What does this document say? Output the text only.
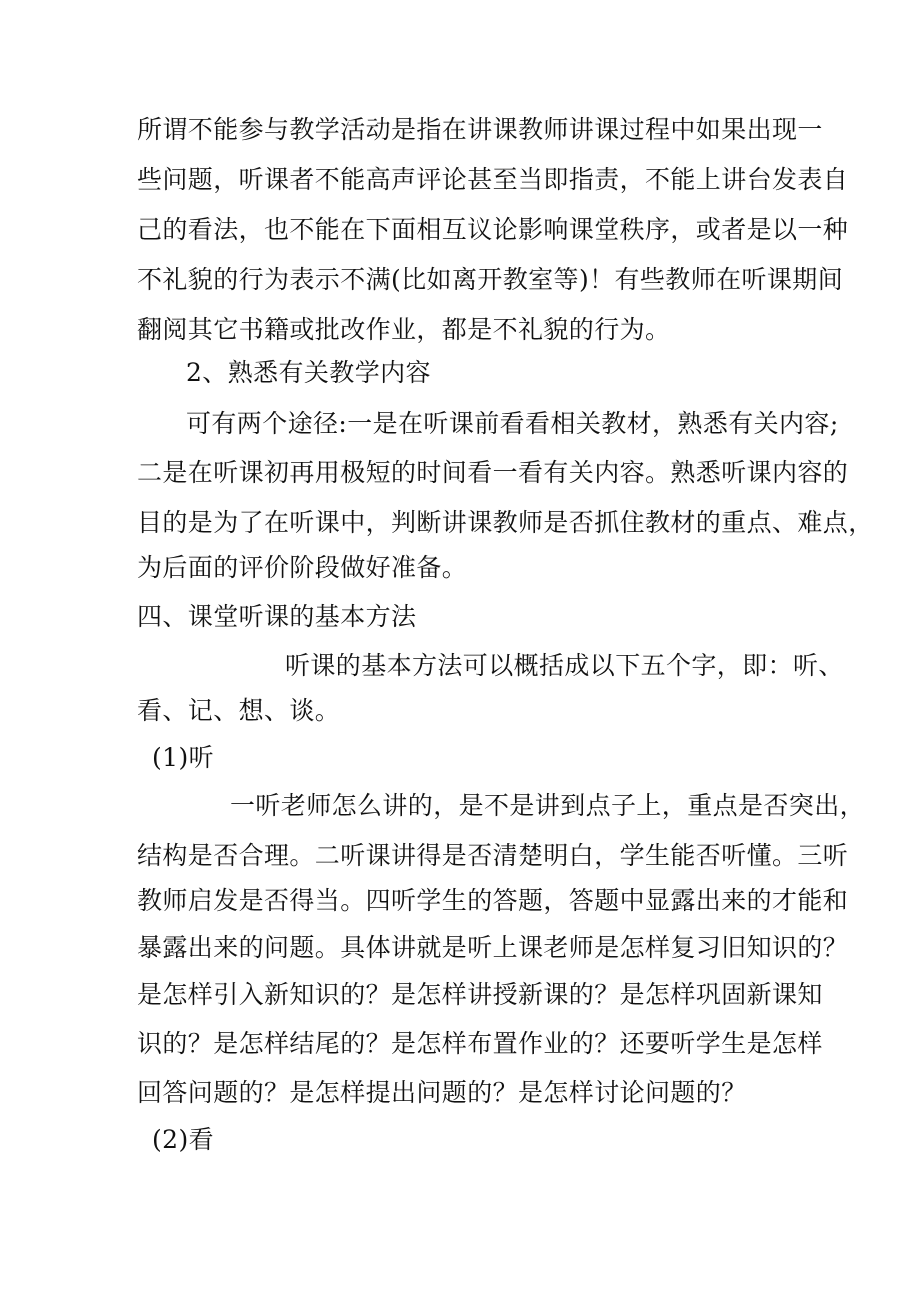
所谓不能参与教学活动是指在讲课教师讲课过程中如果出现一
些问题，听课者不能高声评论甚至当即指责，不能上讲台发表自
己的看法，也不能在下面相互议论影响课堂秩序，或者是以一种
不礼貌的行为表示不满(比如离开教室等)！有些教师在听课期间
翻阅其它书籍或批改作业，都是不礼貌的行为。
2、熟悉有关教学内容
可有两个途径:一是在听课前看看相关教材，熟悉有关内容;
二是在听课初再用极短的时间看一看有关内容。熟悉听课内容的
目的是为了在听课中，判断讲课教师是否抓住教材的重点、难点，
为后面的评价阶段做好准备。
四、课堂听课的基本方法
听课的基本方法可以概括成以下五个字，即：听、
看、记、想、谈。
(1)听
一听老师怎么讲的，是不是讲到点子上，重点是否突出，
结构是否合理。二听课讲得是否清楚明白，学生能否听懂。三听
教师启发是否得当。四听学生的答题，答题中显露出来的才能和
暴露出来的问题。具体讲就是听上课老师是怎样复习旧知识的？
是怎样引入新知识的？是怎样讲授新课的？是怎样巩固新课知
识的？是怎样结尾的？是怎样布置作业的？还要听学生是怎样
回答问题的？是怎样提出问题的？是怎样讨论问题的？
(2)看
